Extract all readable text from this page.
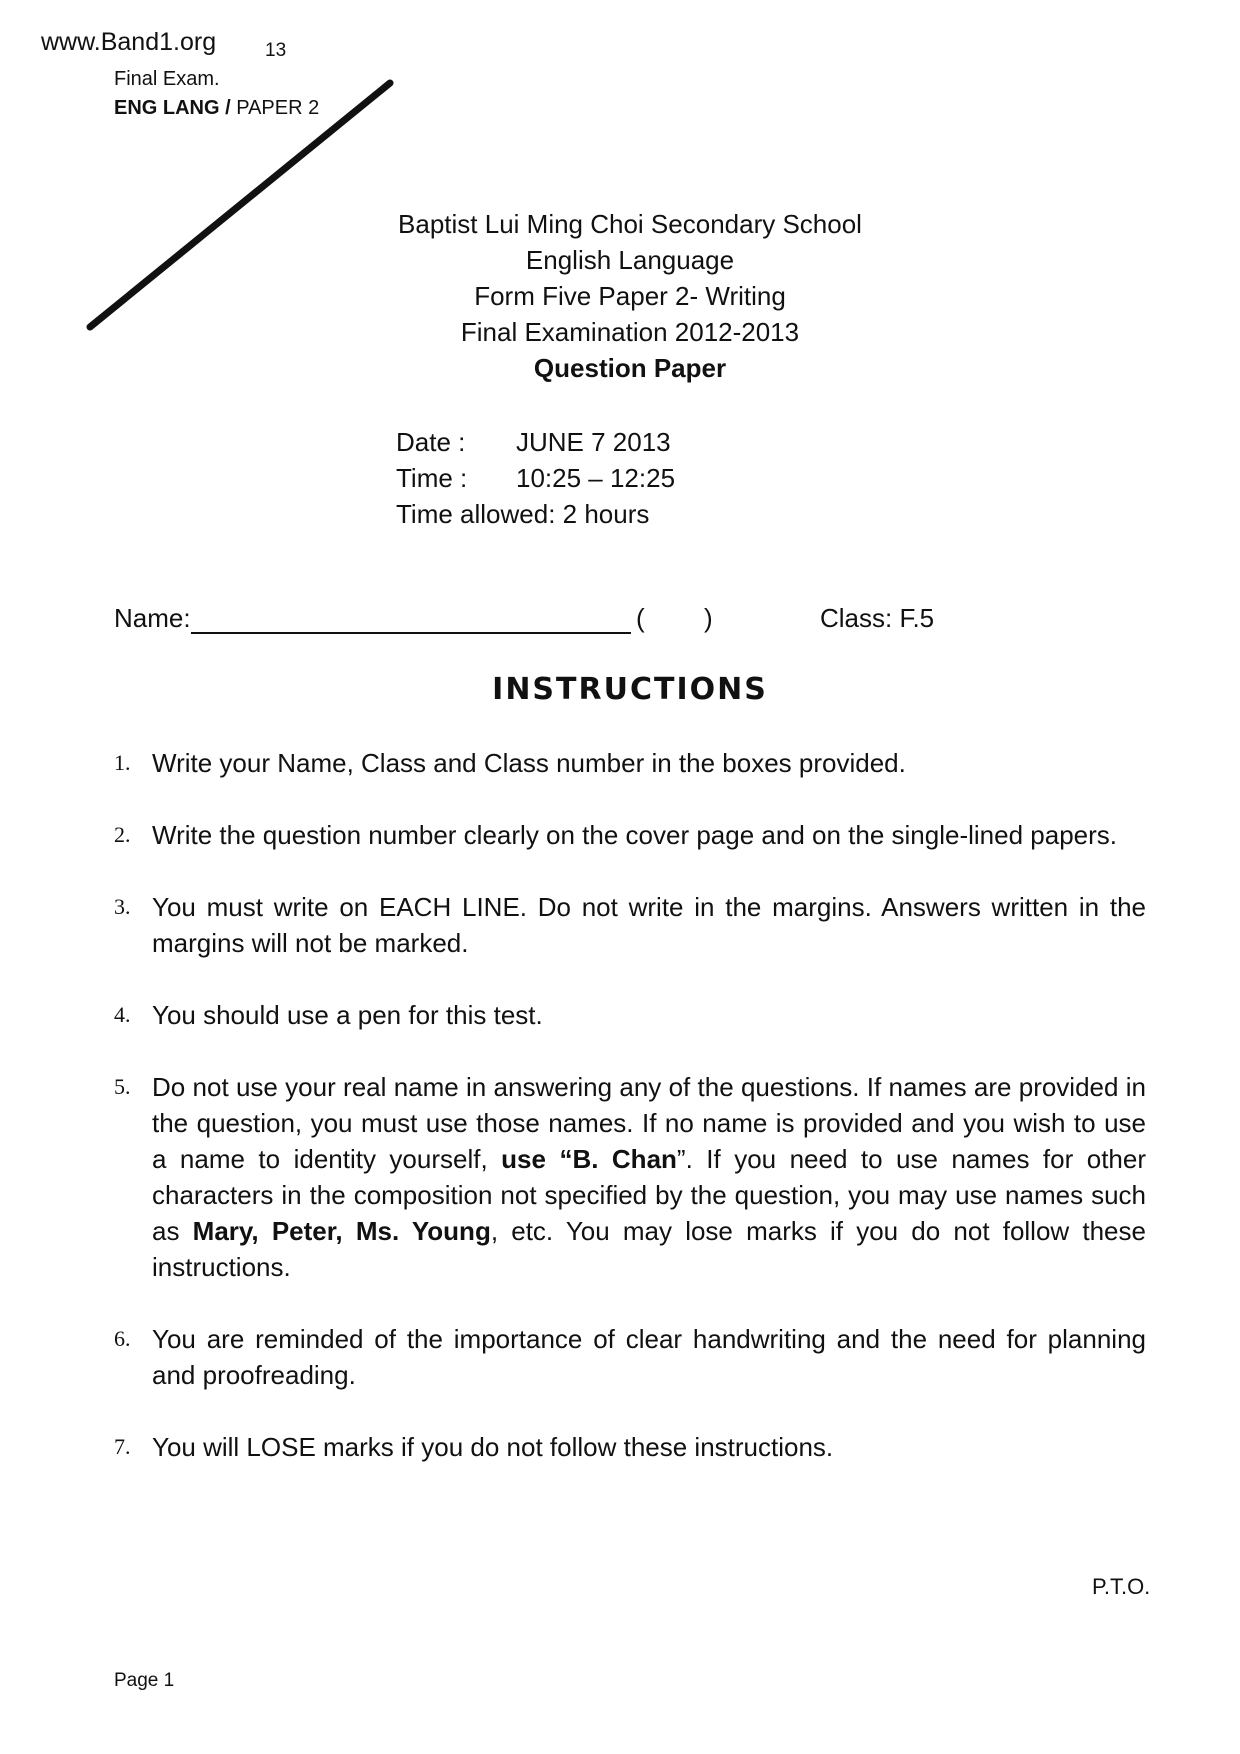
www.Band1.org	13
Final Exam.
ENG LANG / PAPER 2
Baptist Lui Ming Choi Secondary School
English Language
Form Five Paper 2- Writing
Final Examination 2012-2013
Question Paper
Date :	JUNE 7 2013
Time :	10:25 – 12:25
Time allowed: 2 hours
Name:	( )	Class: F.5
INSTRUCTIONS
1. Write your Name, Class and Class number in the boxes provided.
2. Write the question number clearly on the cover page and on the single-lined papers.
3. You must write on EACH LINE. Do not write in the margins. Answers written in the margins will not be marked.
4. You should use a pen for this test.
5. Do not use your real name in answering any of the questions. If names are provided in the question, you must use those names. If no name is provided and you wish to use a name to identity yourself, use “B. Chan”. If you need to use names for other characters in the composition not specified by the question, you may use names such as Mary, Peter, Ms. Young, etc. You may lose marks if you do not follow these instructions.
6. You are reminded of the importance of clear handwriting and the need for planning and proofreading.
7. You will LOSE marks if you do not follow these instructions.
P.T.O.
Page 1
